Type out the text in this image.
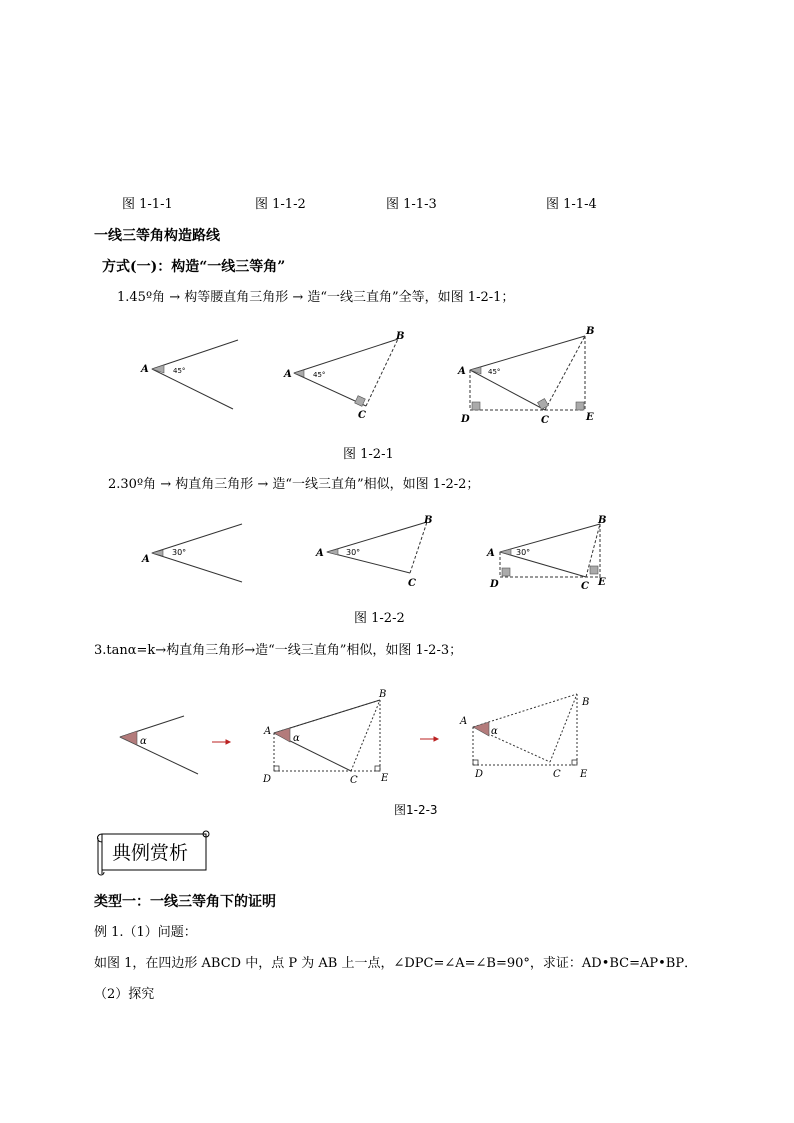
图 1-1-1	图 1-1-2	图 1-1-3	图 1-1-4
一线三等角构造路线
方式(一)：构造“一线三等角”
1.45º角 → 构等腰直角三角形 → 造“一线三直角”全等，如图 1-2-1；
A	A
B
C
A
B
C
D	E
45°	45°	45°
图 1-2-1
2.30º角 → 构直角三角形 → 造“一线三直角”相似，如图 1-2-2；
A
A
B
C
A
B
C
D	E
30°	30°	30°
图 1-2-2
3.tanα=k→构直角三角形→造“一线三直角”相似，如图 1-2-3；
α	α
α
A
B
C
D	E
A
B
C
D	E
图1-2-3
典例赏析
类型一：一线三等角下的证明
例 1.（1）问题：
如图 1，在四边形 ABCD 中，点 P 为 AB 上一点，∠DPC=∠A=∠B=90°，求证：AD•BC=AP•BP．
（2）探究
